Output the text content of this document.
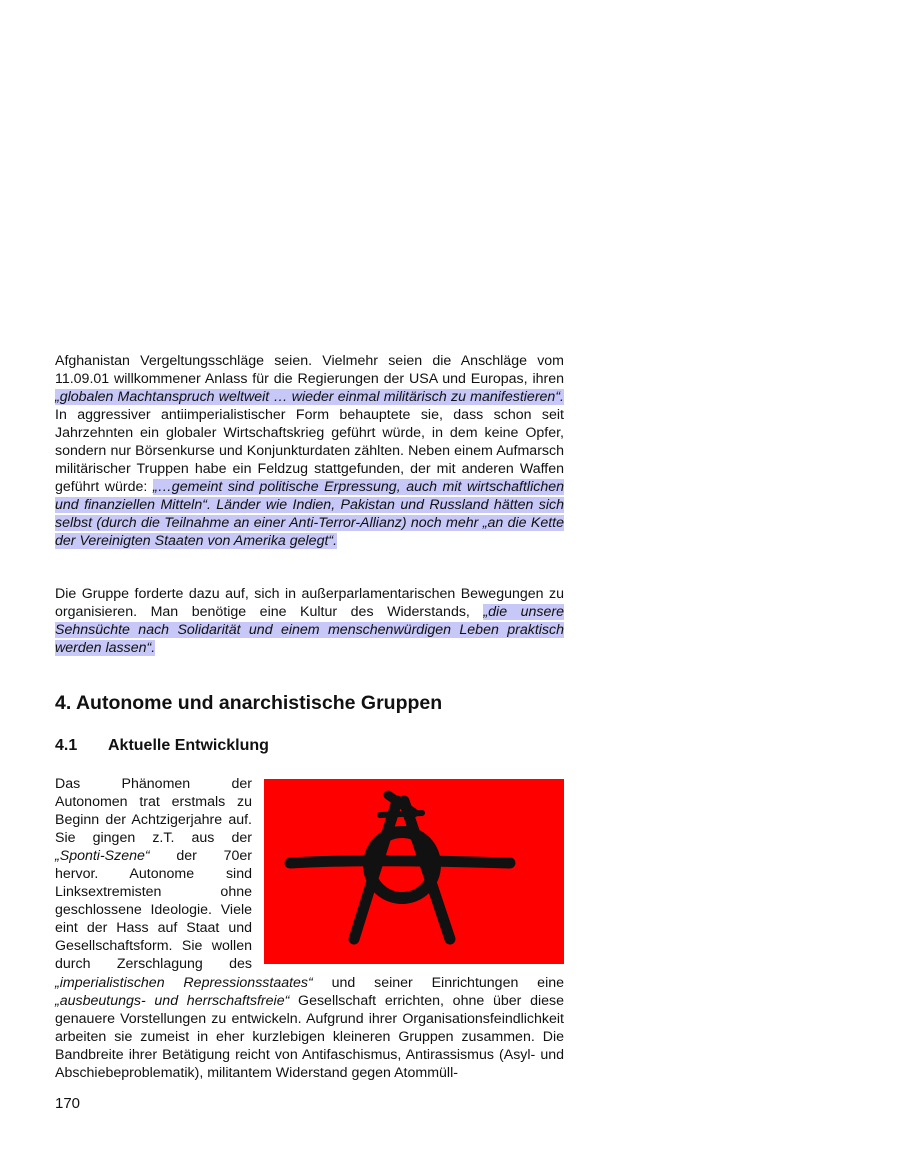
Afghanistan Vergeltungsschläge seien. Vielmehr seien die Anschläge vom 11.09.01 willkommener Anlass für die Regierungen der USA und Europas, ihren „globalen Machtanspruch weltweit … wieder einmal militärisch zu manifestieren“. In aggressiver antiimperialistischer Form behauptete sie, dass schon seit Jahrzehnten ein globaler Wirtschaftskrieg geführt würde, in dem keine Opfer, sondern nur Börsenkurse und Konjunkturdaten zählten. Neben einem Aufmarsch militärischer Truppen habe ein Feldzug stattgefunden, der mit anderen Waffen geführt würde: „…gemeint sind politische Erpressung, auch mit wirtschaftlichen und finanziellen Mitteln“. Länder wie Indien, Pakistan und Russland hätten sich selbst (durch die Teilnahme an einer Anti-Terror-Allianz) noch mehr „an die Kette der Vereinigten Staaten von Amerika gelegt“.

Die Gruppe forderte dazu auf, sich in außerparlamentarischen Bewegungen zu organisieren. Man benötige eine Kultur des Widerstands, „die unsere Sehnsüchte nach Solidarität und einem menschenwürdigen Leben praktisch werden lassen“.

4. Autonome und anarchistische Gruppen
4.1 Aktuelle Entwicklung

Das Phänomen der Autonomen trat erstmals zu Beginn der Achtzigerjahre auf. Sie gingen z.T. aus der „Sponti-Szene“ der 70er hervor. Autonome sind Linksextremisten ohne geschlossene Ideologie. Viele eint der Hass auf Staat und Gesellschaftsform. Sie wollen durch Zerschlagung des „imperialistischen Repressionsstaates“ und seiner Einrichtungen eine „ausbeutungs- und herrschaftsfreie“ Gesellschaft errichten, ohne über diese genauere Vorstellungen zu entwickeln. Aufgrund ihrer Organisationsfeindlichkeit arbeiten sie zumeist in eher kurzlebigen kleineren Gruppen zusammen. Die Bandbreite ihrer Betätigung reicht von Antifaschismus, Antirassismus (Asyl- und Abschiebeproblematik), militantem Widerstand gegen Atommüll-

170
